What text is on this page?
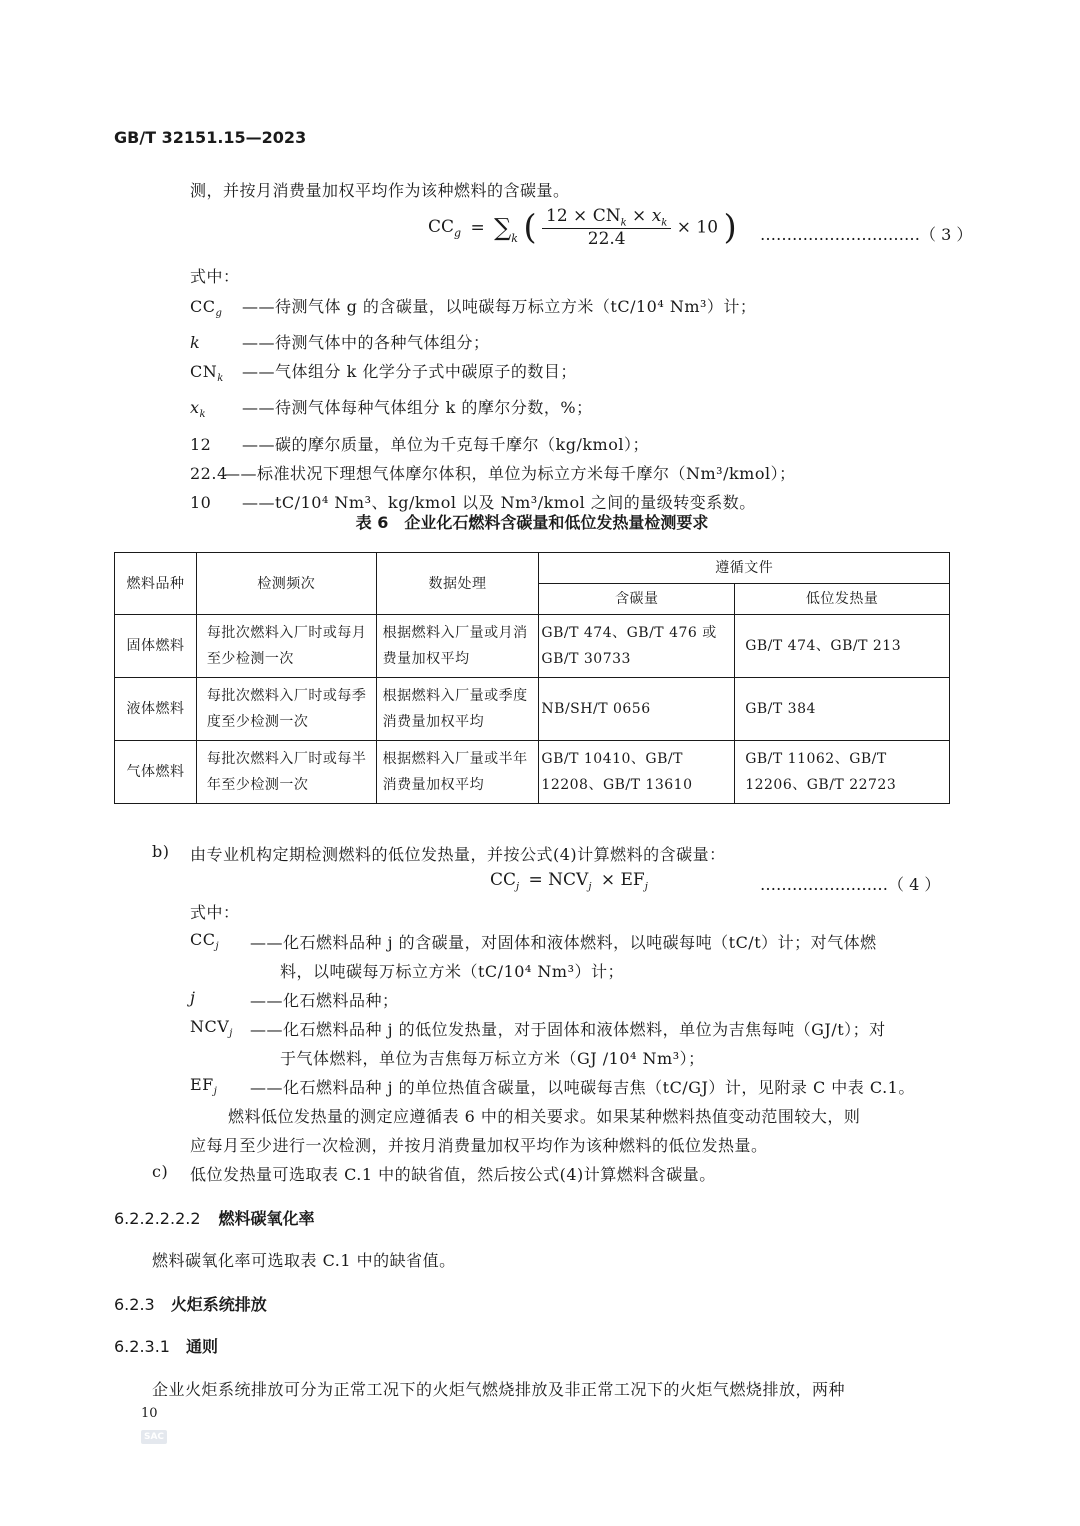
GB/T 32151.15—2023
测，并按月消费量加权平均作为该种燃料的含碳量。
$CC_g = \sum_k$ ( $\frac{12 \times CN_k \times x_k}{22.4} \times 10$ ) …………………………（ 3 ）
式中：
$CC_g$ ——待测气体 g 的含碳量，以吨碳每万标立方米（tC/10⁴ Nm³）计；
k	——待测气体中的各种气体组分；
$CN_k$ ——气体组分 k 化学分子式中碳原子的数目；
$x_k$ ——待测气体每种气体组分 k 的摩尔分数，%；
12 ——碳的摩尔质量，单位为千克每千摩尔（kg/kmol）；
22.4——标准状况下理想气体摩尔体积，单位为标立方米每千摩尔（Nm³/kmol）；
10 ——tC/10⁴ Nm³、kg/kmol 以及 Nm³/kmol 之间的量级转变系数。
表 6　企业化石燃料含碳量和低位发热量检测要求
燃料品种	检测频次	数据处理	遵循文件	
			含碳量	低位发热量
固体燃料	每批次燃料入厂时或每月至少检测一次	根据燃料入厂量或月消费量加权平均	GB/T 474、GB/T 476 或 GB/T 30733	GB/T 474、GB/T 213
液体燃料	每批次燃料入厂时或每季度至少检测一次	根据燃料入厂量或季度消费量加权平均	NB/SH/T 0656	GB/T 384
气体燃料	每批次燃料入厂时或每半年至少检测一次	根据燃料入厂量或半年消费量加权平均	GB/T 10410、GB/T 12208、GB/T 13610	GB/T 11062、GB/T 12206、GB/T 22723
b) 由专业机构定期检测燃料的低位发热量，并按公式(4)计算燃料的含碳量：
$CC_j = NCV_j \times EF_j$	……………………（ 4 ）
式中：
$CC_j$ ——化石燃料品种 j 的含碳量，对固体和液体燃料，以吨碳每吨（tC/t）计；对气体燃
料，以吨碳每万标立方米（tC/10⁴ Nm³）计；
j	——化石燃料品种；
$NCV_j$ ——化石燃料品种 j 的低位发热量，对于固体和液体燃料，单位为吉焦每吨（GJ/t）；对
于气体燃料，单位为吉焦每万标立方米（GJ /10⁴ Nm³）；
$EF_j$ ——化石燃料品种 j 的单位热值含碳量，以吨碳每吉焦（tC/GJ）计，见附录 C 中表 C.1。
燃料低位发热量的测定应遵循表 6 中的相关要求。如果某种燃料热值变动范围较大，则
应每月至少进行一次检测，并按月消费量加权平均作为该种燃料的低位发热量。
c) 低位发热量可选取表 C.1 中的缺省值，然后按公式(4)计算燃料含碳量。
6.2.2.2.2.2 燃料碳氧化率
燃料碳氧化率可选取表 C.1 中的缺省值。
6.2.3 火炬系统排放
6.2.3.1 通则
企业火炬系统排放可分为正常工况下的火炬气燃烧排放及非正常工况下的火炬气燃烧排放，两种
10
SAC
